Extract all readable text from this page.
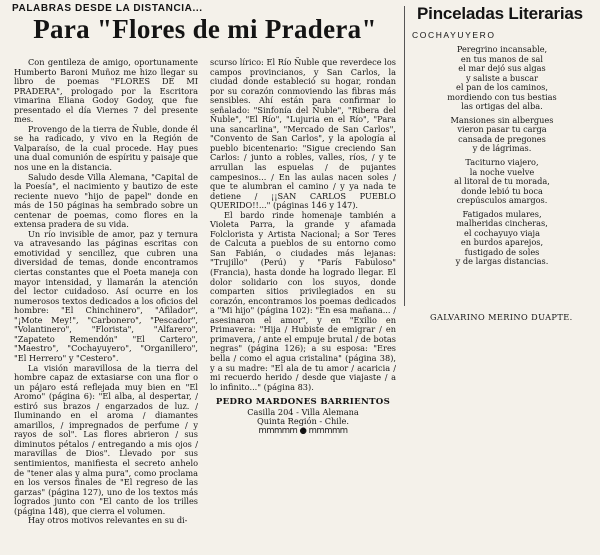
PALABRAS DESDE LA DISTANCIA...
Para "Flores de mi Pradera"

Con gentileza de amigo, oportunamente Humberto Baroni Muñoz me hizo llegar su libro de poemas "FLORES DE MI PRADERA", prologado por la Escritora vimarina Eliana Godoy Godoy, que fue presentado el día Viernes 7 del presente mes.

Provengo de la tierra de Ñuble, donde él se ha radicado, y vivo en la Región de Valparaíso, de la cual procede. Hay pues una dual comunión de espíritu y paisaje que nos une en la distancia.

Saludo desde Villa Alemana, "Capital de la Poesía", el nacimiento y bautizo de este reciente nuevo "hijo de papel" donde en más de 150 páginas ha sembrado sobre un centenar de poemas, como flores en la extensa pradera de su vida.

Un río invisible de amor, paz y ternura va atravesando las páginas escritas con emotividad y sencillez, que cubren una diversidad de temas, donde encontramos ciertas constantes que el Poeta maneja con mayor intensidad, y llamarán la atención del lector cuidadoso. Así ocurre en los numerosos textos dedicados a los oficios del hombre: "El Chinchinero", "Afilador", "¡Mote Mey!", "Carbonero", "Pescador", "Volantinero", "Florista", "Alfarero", "Zapateto Remendón" "El Cartero", "Maestro", "Cochayuyero", "Organillero", "El Herrero" y "Cestero".

La visión maravillosa de la tierra del hombre capaz de extasiarse con una flor o un pájaro está reflejada muy bien en "El Aromo" (página 6): "El alba, al despertar, / estiró sus brazos / engarzados de luz. / Iluminando en el aroma / diamantes amarillos, / impregnados de perfume / y rayos de sol". Las flores abrieron / sus diminutos pétalos / entregando a mis ojos / maravillas de Dios". Llevado por sus sentimientos, manifiesta el secreto anhelo de "tener alas y alma pura", como proclama en los versos finales de "El regreso de las garzas" (página 127), uno de los textos más logrados junto con "El canto de los trilles (página 148), que cierra el volumen.

Hay otros motivos relevantes en su di-

scurso lírico: El Río Ñuble que reverdece los campos provincianos, y San Carlos, la ciudad donde estableció su hogar, rondan por su corazón conmoviendo las fibras más sensibles. Ahí están para confirmar lo señalado: "Sinfonía del Ñuble", "Ribera del Ñuble", "El Río", "Lujuria en el Río", "Para una sancarlina", "Mercado de San Carlos", "Convento de San Carlos", y la apología al pueblo bicentenario: "Sigue creciendo San Carlos: / junto a robles, valles, ríos, / y te arrullan las espuelas / de pujantes campesinos... / En las aulas nacen soles / que te alumbran el camino / y ya nada te detiene / ¡¡SAN CARLOS PUEBLO QUERIDO!!..." (páginas 146 y 147).

El bardo rinde homenaje también a Violeta Parra, la grande y afamada Folclorista y Artista Nacional; a Sor Teres de Calcuta a pueblos de su entorno como San Fabián, o ciudades más lejanas: "Trujillo" (Perú) y "París Fabuloso" (Francia), hasta donde ha logrado llegar. El dolor solidario con los suyos, donde comparten sitios privilegiados en su corazón, encontramos los poemas dedicados a "Mi hijo" (página 102): "En esa mañana... / asesinaron el amor", y en "Exilio en Primavera: "Hija / Hubiste de emigrar / en primavera, / ante el empuje brutal / de botas negras" (página 126); a su esposa: "Eres bella / como el agua cristalina" (página 38), y a su madre: "El ala de tu amor / acaricia / mi recuerdo herido / desde que viajaste / a lo infinito..." (página 83).

PEDRO MARDONES BARRIENTOS

Casilla 204 - Villa Alemana

Quinta Región - Chile.

mmmmm ● mmmmm

Pinceladas Literarias
COCHAYUYERO
Peregrino incansable,
en tus manos de sal
el mar dejó sus algas
y saliste a buscar
el pan de los caminos,
mordiendo con tus bestias
las ortigas del alba.
Mansiones sin albergues
vieron pasar tu carga
cansada de pregones
y de lágrimas.
Taciturno viajero,
la noche vuelve
al litoral de tu morada,
donde lebió tu boca
crepúsculos amargos.
Fatigados mulares,
malheridas cincheras,
el cochayuyo viaja
en burdos aparejos,
fustigado de soles
y de largas distancias.
GALVARINO MERINO DUAPTE.
